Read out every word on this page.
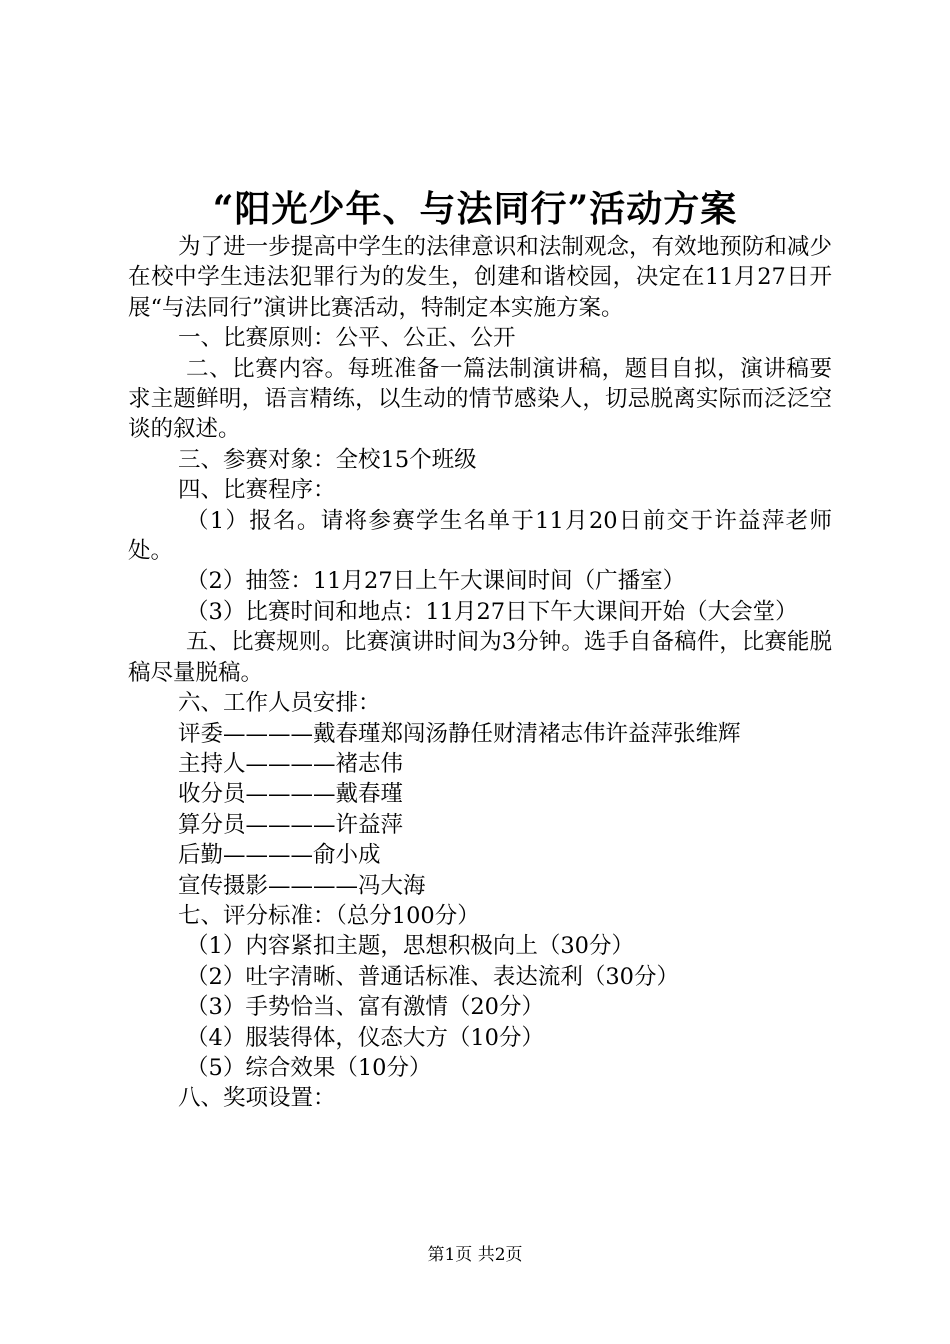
“阳光少年、与法同行”活动方案

为了进一步提高中学生的法律意识和法制观念，有效地预防和减少在校中学生违法犯罪行为的发生，创建和谐校园，决定在11月27日开展“与法同行”演讲比赛活动，特制定本实施方案。

一、比赛原则：公平、公正、公开

二、比赛内容。每班准备一篇法制演讲稿，题目自拟，演讲稿要求主题鲜明，语言精练，以生动的情节感染人，切忌脱离实际而泛泛空谈的叙述。

三、参赛对象：全校15个班级

四、比赛程序：

（1）报名。请将参赛学生名单于11月20日前交于许益萍老师处。

（2）抽签：11月27日上午大课间时间（广播室）

（3）比赛时间和地点：11月27日下午大课间开始（大会堂）

五、比赛规则。比赛演讲时间为3分钟。选手自备稿件，比赛能脱稿尽量脱稿。

六、工作人员安排：

评委————戴春瑾郑闯汤静任财清褚志伟许益萍张维辉

主持人————褚志伟

收分员————戴春瑾

算分员————许益萍

后勤————俞小成

宣传摄影————冯大海

七、评分标准：（总分100分）

（1）内容紧扣主题，思想积极向上（30分）

（2）吐字清晰、普通话标准、表达流利（30分）

（3）手势恰当、富有激情（20分）

（4）服装得体，仪态大方（10分）

（5）综合效果（10分）

八、奖项设置：

第1页 共2页
